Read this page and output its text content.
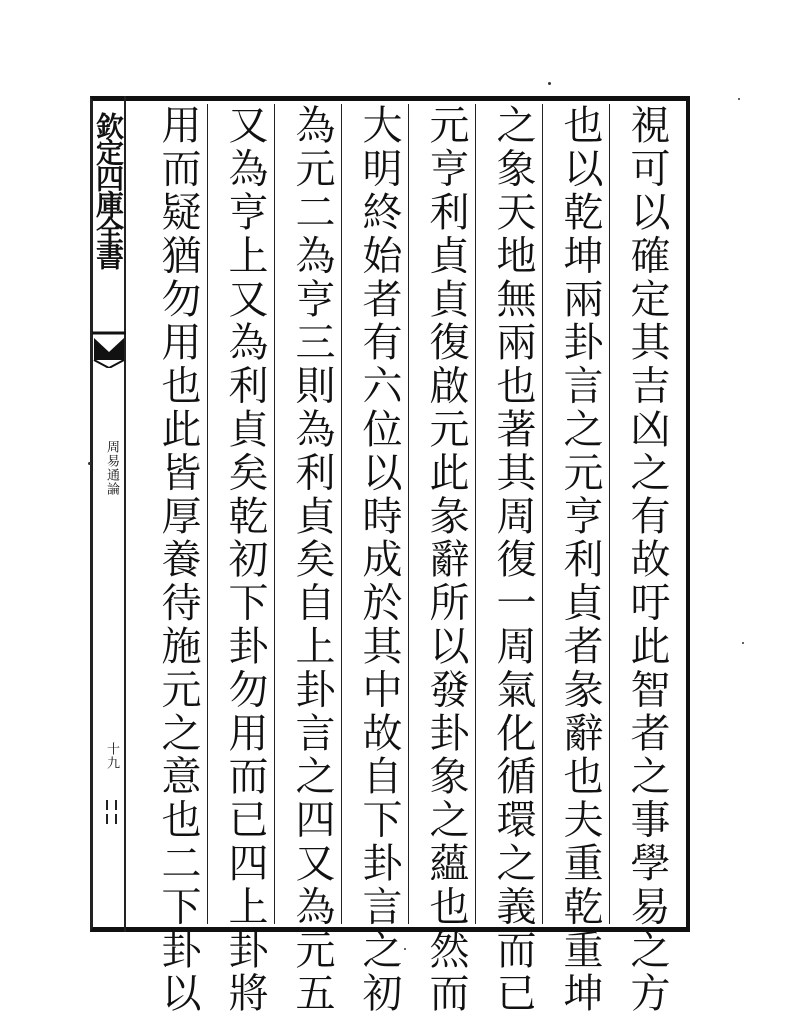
欽定四庫全書
周易通論
十九	視可以確定其吉凶之有故吁此智者之事學易之方
也以乾坤兩卦言之元亨利貞者彖辭也夫重乾重坤
之象天地無兩也著其周復一周氣化循環之義而已
元亨利貞貞復啟元此彖辭所以發卦象之蘊也然而
大明終始者有六位以時成於其中故自下卦言之初
為元二為亨三則為利貞矣自上卦言之四又為元五
又為亨上又為利貞矣乾初下卦勿用而已四上卦將
用而疑猶勿用也此皆厚養待施元之意也二下卦以
